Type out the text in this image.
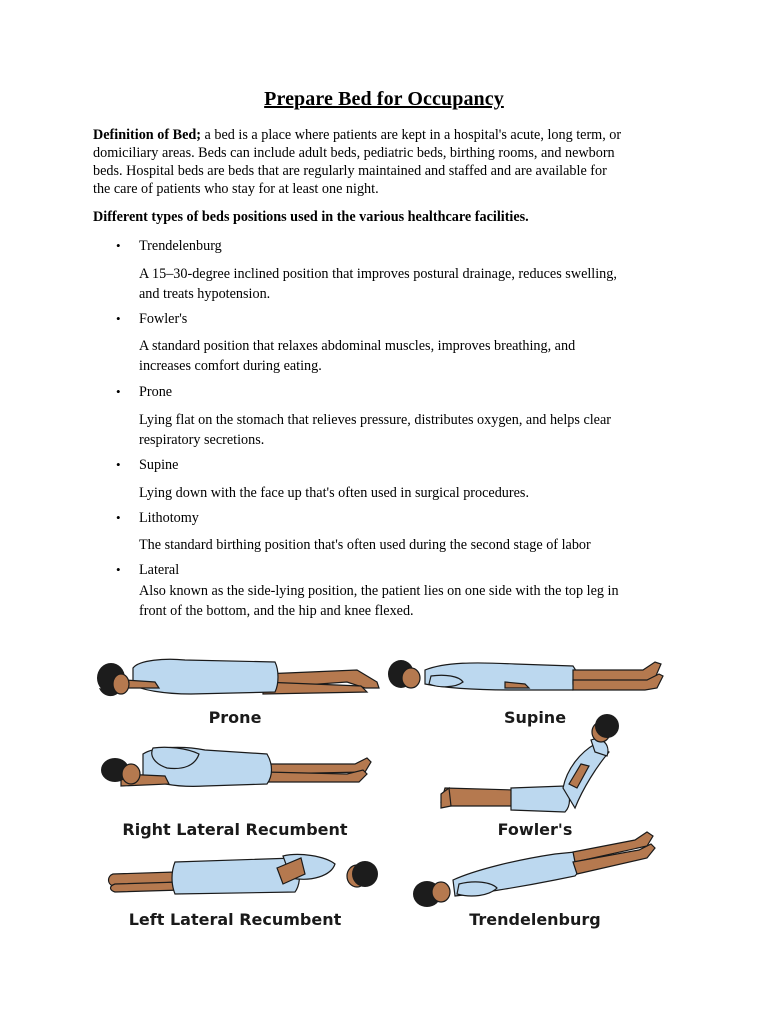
Prepare Bed for Occupancy
Definition of Bed; a bed is a place where patients are kept in a hospital's acute, long term, or
domiciliary areas. Beds can include adult beds, pediatric beds, birthing rooms, and newborn
beds. Hospital beds are beds that are regularly maintained and staffed and are available for
the care of patients who stay for at least one night.
Different types of beds positions used in the various healthcare facilities.
• Trendelenburg
A 15–30-degree inclined position that improves postural drainage, reduces swelling,
and treats hypotension.
• Fowler's
A standard position that relaxes abdominal muscles, improves breathing, and
increases comfort during eating.
• Prone
Lying flat on the stomach that relieves pressure, distributes oxygen, and helps clear
respiratory secretions.
• Supine
Lying down with the face up that's often used in surgical procedures.
• Lithotomy
The standard birthing position that's often used during the second stage of labor
• Lateral
Also known as the side-lying position, the patient lies on one side with the top leg in
front of the bottom, and the hip and knee flexed.
Prone	Supine
Right Lateral Recumbent	Fowler's
Left Lateral Recumbent	Trendelenburg
